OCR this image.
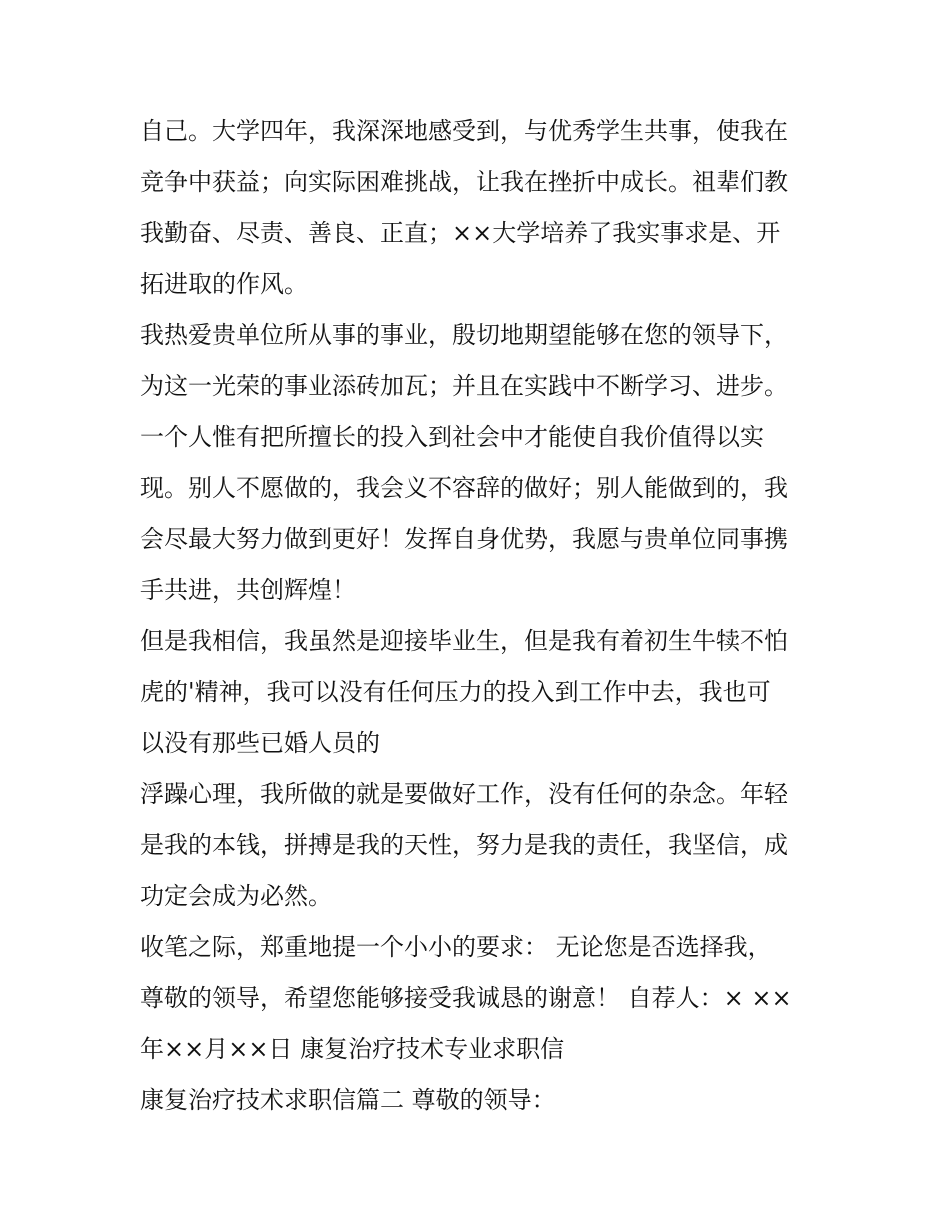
自己。大学四年，我深深地感受到，与优秀学生共事，使我在
竞争中获益；向实际困难挑战，让我在挫折中成长。祖辈们教
我勤奋、尽责、善良、正直；××大学培养了我实事求是、开
拓进取的作风。
我热爱贵单位所从事的事业，殷切地期望能够在您的领导下，
为这一光荣的事业添砖加瓦；并且在实践中不断学习、进步。
一个人惟有把所擅长的投入到社会中才能使自我价值得以实
现。别人不愿做的，我会义不容辞的做好；别人能做到的，我
会尽最大努力做到更好！发挥自身优势，我愿与贵单位同事携
手共进，共创辉煌！
但是我相信，我虽然是迎接毕业生，但是我有着初生牛犊不怕
虎的'精神，我可以没有任何压力的投入到工作中去，我也可
以没有那些已婚人员的
浮躁心理，我所做的就是要做好工作，没有任何的杂念。年轻
是我的本钱，拼搏是我的天性，努力是我的责任，我坚信，成
功定会成为必然。
收笔之际，郑重地提一个小小的要求： 无论您是否选择我，
尊敬的领导，希望您能够接受我诚恳的谢意！ 自荐人：× ××
年××月××日 康复治疗技术专业求职信
康复治疗技术求职信篇二 尊敬的领导：
